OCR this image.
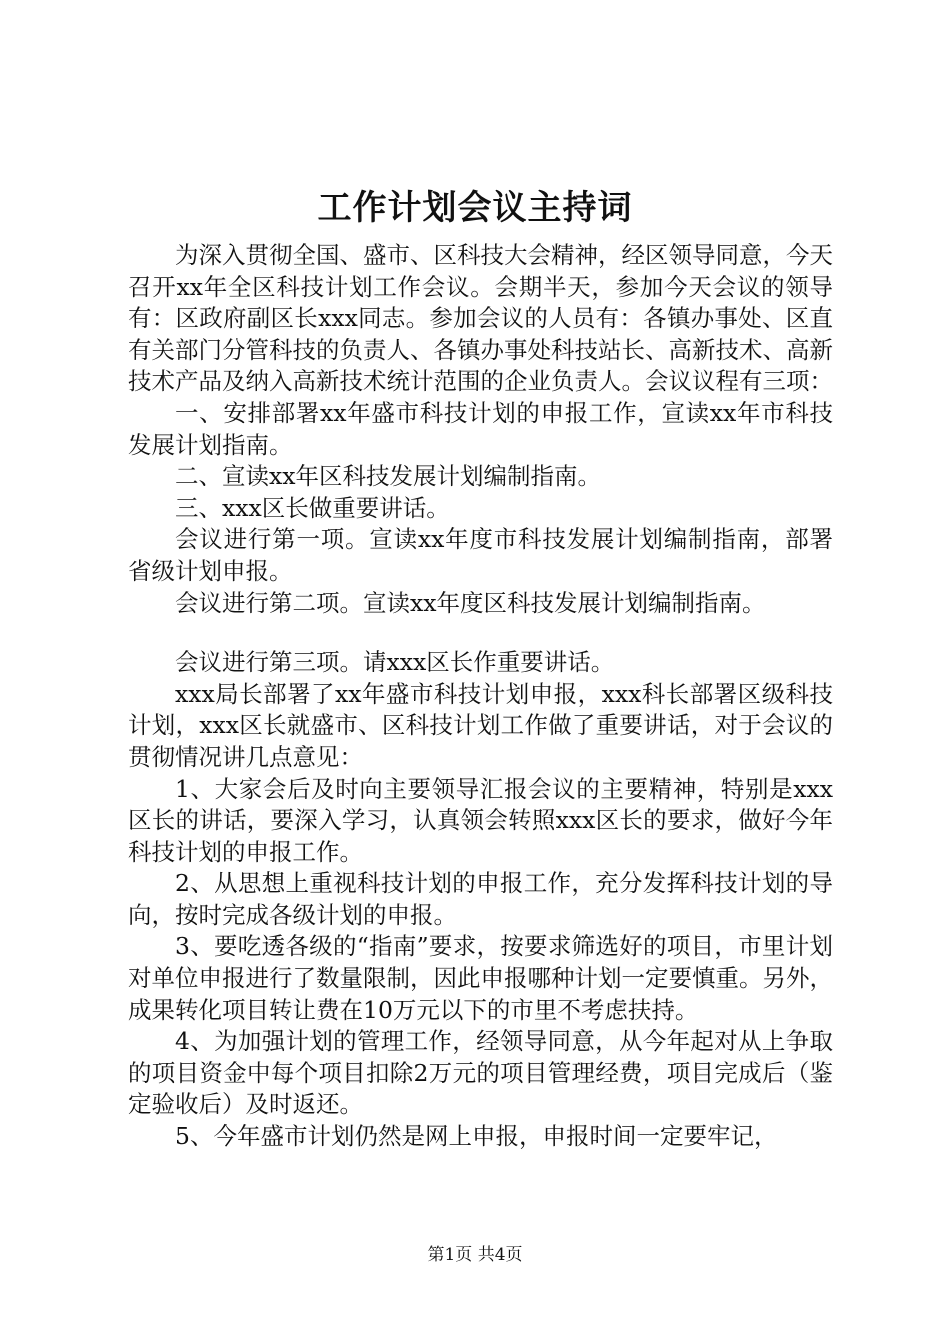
工作计划会议主持词

为深入贯彻全国、盛市、区科技大会精神，经区领导同意，今天召开xx年全区科技计划工作会议。会期半天，参加今天会议的领导有：区政府副区长xxx同志。参加会议的人员有：各镇办事处、区直有关部门分管科技的负责人、各镇办事处科技站长、高新技术、高新技术产品及纳入高新技术统计范围的企业负责人。会议议程有三项：

一、安排部署xx年盛市科技计划的申报工作，宣读xx年市科技发展计划指南。

二、宣读xx年区科技发展计划编制指南。

三、xxx区长做重要讲话。

会议进行第一项。宣读xx年度市科技发展计划编制指南，部署省级计划申报。

会议进行第二项。宣读xx年度区科技发展计划编制指南。

会议进行第三项。请xxx区长作重要讲话。

xxx局长部署了xx年盛市科技计划申报，xxx科长部署区级科技计划，xxx区长就盛市、区科技计划工作做了重要讲话，对于会议的贯彻情况讲几点意见：

1、大家会后及时向主要领导汇报会议的主要精神，特别是xxx区长的讲话，要深入学习，认真领会转照xxx区长的要求，做好今年科技计划的申报工作。

2、从思想上重视科技计划的申报工作，充分发挥科技计划的导向，按时完成各级计划的申报。

3、要吃透各级的“指南”要求，按要求筛选好的项目，市里计划对单位申报进行了数量限制，因此申报哪种计划一定要慎重。另外，成果转化项目转让费在10万元以下的市里不考虑扶持。

4、为加强计划的管理工作，经领导同意，从今年起对从上争取的项目资金中每个项目扣除2万元的项目管理经费，项目完成后（鉴定验收后）及时返还。

5、今年盛市计划仍然是网上申报，申报时间一定要牢记，

第1页 共4页
